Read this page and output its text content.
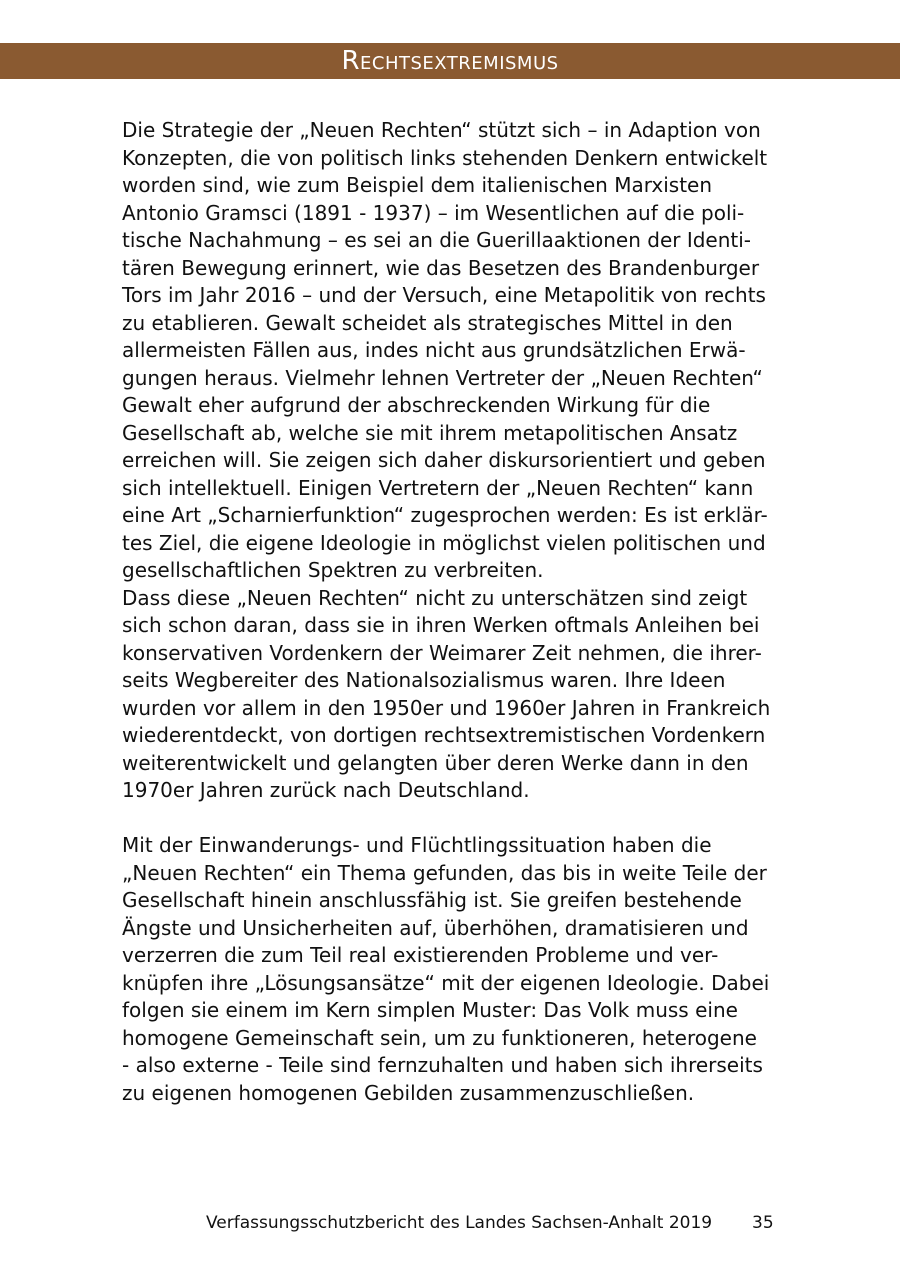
Rechtsextremismus
Die Strategie der „Neuen Rechten“ stützt sich – in Adaption von
Konzepten, die von politisch links stehenden Denkern entwickelt
worden sind, wie zum Beispiel dem italienischen Marxisten
Antonio Gramsci (1891 - 1937) – im Wesentlichen auf die poli-
tische Nachahmung – es sei an die Guerillaaktionen der Identi-
tären Bewegung erinnert, wie das Besetzen des Brandenburger
Tors im Jahr 2016 – und der Versuch, eine Metapolitik von rechts
zu etablieren. Gewalt scheidet als strategisches Mittel in den
allermeisten Fällen aus, indes nicht aus grundsätzlichen Erwä-
gungen heraus. Vielmehr lehnen Vertreter der „Neuen Rechten“
Gewalt eher aufgrund der abschreckenden Wirkung für die
Gesellschaft ab, welche sie mit ihrem metapolitischen Ansatz
erreichen will. Sie zeigen sich daher diskursorientiert und geben
sich intellektuell. Einigen Vertretern der „Neuen Rechten“ kann
eine Art „Scharnierfunktion“ zugesprochen werden: Es ist erklär-
tes Ziel, die eigene Ideologie in möglichst vielen politischen und
gesellschaftlichen Spektren zu verbreiten.
Dass diese „Neuen Rechten“ nicht zu unterschätzen sind zeigt
sich schon daran, dass sie in ihren Werken oftmals Anleihen bei
konservativen Vordenkern der Weimarer Zeit nehmen, die ihrer-
seits Wegbereiter des Nationalsozialismus waren. Ihre Ideen
wurden vor allem in den 1950er und 1960er Jahren in Frankreich
wiederentdeckt, von dortigen rechtsextremistischen Vordenkern
weiterentwickelt und gelangten über deren Werke dann in den
1970er Jahren zurück nach Deutschland.
Mit der Einwanderungs- und Flüchtlingssituation haben die
„Neuen Rechten“ ein Thema gefunden, das bis in weite Teile der
Gesellschaft hinein anschlussfähig ist. Sie greifen bestehende
Ängste und Unsicherheiten auf, überhöhen, dramatisieren und
verzerren die zum Teil real existierenden Probleme und ver-
knüpfen ihre „Lösungsansätze“ mit der eigenen Ideologie. Dabei
folgen sie einem im Kern simplen Muster: Das Volk muss eine
homogene Gemeinschaft sein, um zu funktioneren, heterogene
- also externe - Teile sind fernzuhalten und haben sich ihrerseits
zu eigenen homogenen Gebilden zusammenzuschließen.
Verfassungsschutzbericht des Landes Sachsen-Anhalt 2019 35
